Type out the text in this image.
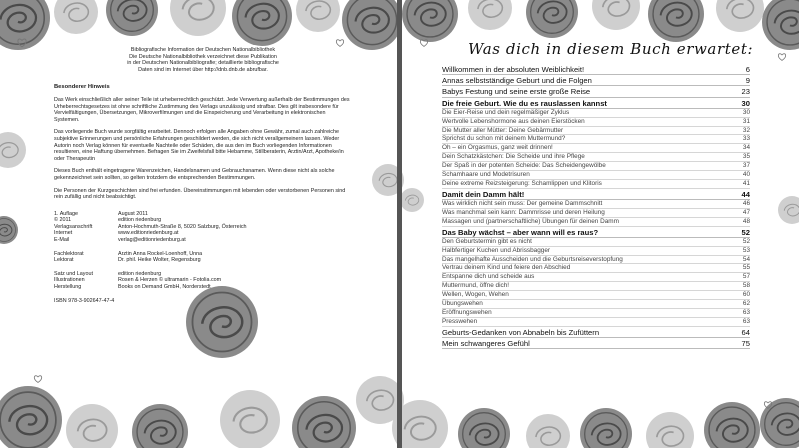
Bibliografische Information der Deutschen Nationalbibliothek

Die Deutsche Nationalbibliothek verzeichnet diese Publikation

in der Deutschen Nationalbibliografie; detaillierte bibliografische

Daten sind im Internet über http://dnb.dnb.de abrufbar.

Besonderer Hinweis

Das Werk einschließlich aller seiner Teile ist urheberrechtlich geschützt. Jede Verwertung außerhalb der Bestimmungen des Urheberrechtsgesetzes ist ohne schriftliche Zustimmung des Verlags unzulässig und strafbar. Dies gilt insbesondere für Vervielfältigungen, Übersetzungen, Mikroverfilmungen und die Einspeicherung und Verarbeitung in elektronischen Systemen.

Das vorliegende Buch wurde sorgfältig erarbeitet. Dennoch erfolgen alle Angaben ohne Gewähr, zumal auch zahlreiche subjektive Erinnerungen und persönliche Erfahrungen geschildert werden, die sich nicht verallgemeinern lassen. Weder Autorin noch Verlag können für eventuelle Nachteile oder Schäden, die aus den im Buch vorliegenden Informationen resultieren, eine Haftung übernehmen. Befragen Sie im Zweifelsfall bitte Hebamme, Stillberaterin, Arztin/Arzt, Apotheke/in oder Therapeutin

Dieses Buch enthält eingetragene Warenzeichen, Handelsnamen und Gebrauchsnamen. Wenn diese nicht als solche gekennzeichnet sein sollten, so gelten trotzdem die entsprechenden Bestimmungen.

Die Personen der Kurzgeschichten sind frei erfunden. Übereinstimmungen mit lebenden oder verstorbenen Personen sind rein zufällig und nicht beabsichtigt.

1. Auflage	August 2011
© 2011	edition riedenburg
Verlagsanschrift	Anton-Hochmuth-Straße 8, 5020 Salzburg, Österreich
Internet	www.editionriedenburg.at
E-Mail	verlag@editionriedenburg.at
Fachlektorat	Arztin Anna Rockel-Loenhoff, Unna
Lektorat	Dr. phil. Heike Wolter, Regensburg
Satz und Layout	edition riedenburg
Illustrationen	Rosen & Herzen © ultramarin - Fotolia.com
Herstellung	Books on Demand GmbH, Norderstedt
ISBN 978-3-902647-47-4
Was dich in diesem Buch erwartet:
Willkommen in der absoluten Weiblichkeit!	6
Annas selbstständige Geburt und die Folgen	9
Babys Festung und seine erste große Reise	23
Die freie Geburt. Wie du es rauslassen kannst	30
Die Eier-Reise und dein regelmäßiger Zyklus	30
Wertvolle Lebenshormone aus deinen Eierstöcken	31
Die Mutter aller Mütter: Deine Gebärmutter	32
Sprichst du schon mit deinem Muttermund?	33
Oh – ein Orgasmus, ganz weit drinnen!	34
Dein Schatzkästchen: Die Scheide und ihre Pflege	35
Der Spaß in der potenten Scheide: Das Scheidengewölbe	37
Schamhaare und Modetrisuren	40
Deine extreme Reizsteigerung: Schamlippen und Klitoris	41
Damit dein Damm hält!	44
Was wirklich nicht sein muss: Der gemeine Dammschnitt	46
Was manchmal sein kann: Dammrisse und deren Heilung	47
Massagen und (partnerschaftliche) Übungen für deinen Damm	48
Das Baby wächst – aber wann will es raus?	52
Den Geburtstermin gibt es nicht	52
Halbfertiger Kuchen und Abrissbagger	53
Das mangelhafte Ausscheiden und die Geburtsreiseverstopfung	54
Vertrau deinem Kind und feiere den Abschied	55
Entspanne dich und scheide aus	57
Muttermund, öffne dich!	58
Wellen, Wogen, Wehen	60
Übungswehen	62
Eröffnungswehen	63
Presswehen	63
Geburts-Gedanken von Abnabeln bis Zufüttern	64
Mein schwangeres Gefühl	75
